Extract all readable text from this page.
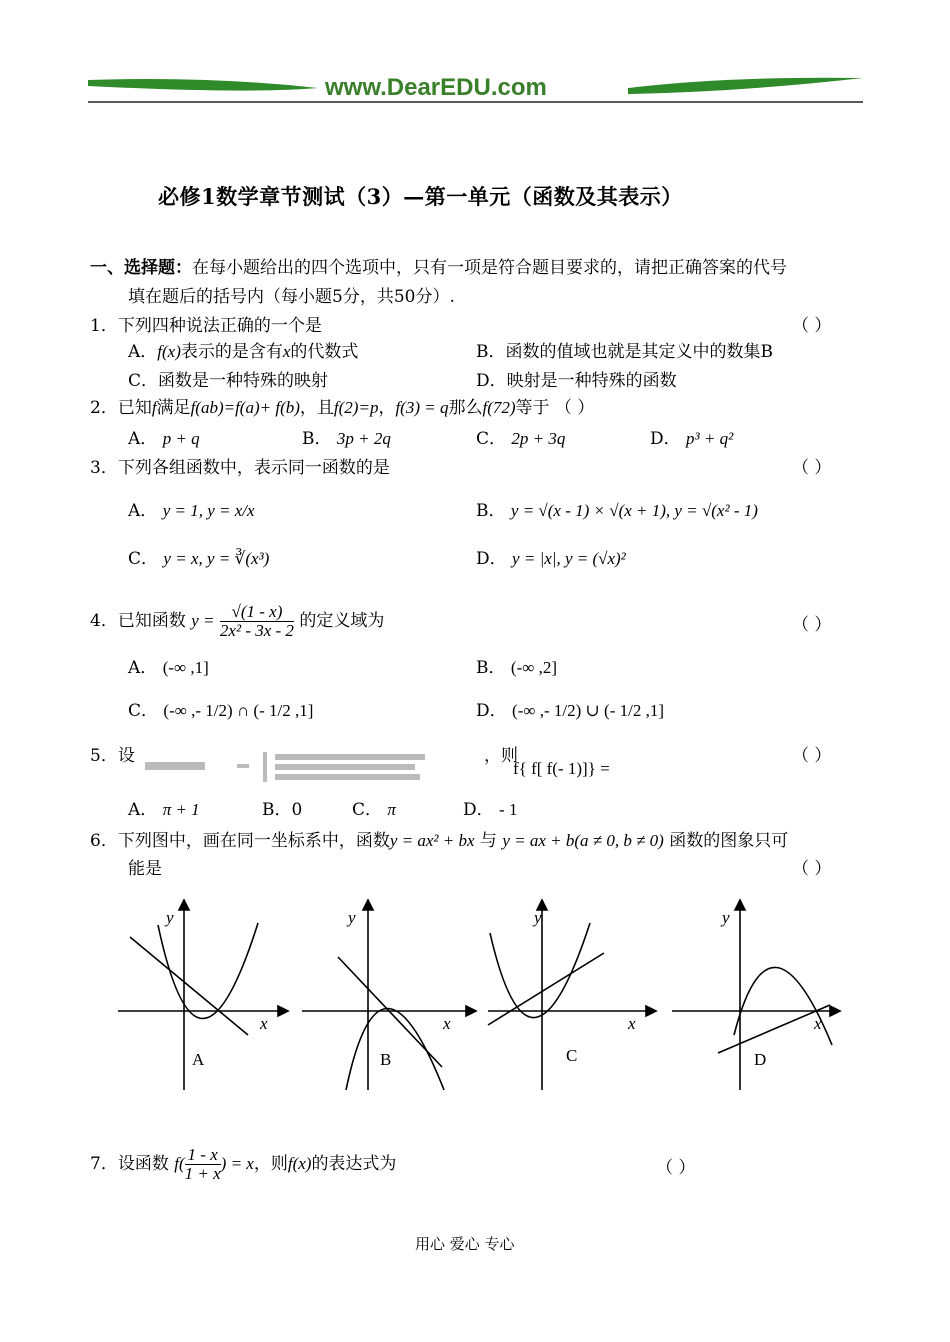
www.DearEDU.com
必修1数学章节测试（3）—第一单元（函数及其表示）
一、选择题：在每小题给出的四个选项中，只有一项是符合题目要求的，请把正确答案的代号
填在题后的括号内（每小题5分，共50分）.
1．下列四种说法正确的一个是	（ ）
A．f(x)表示的是含有x的代数式	B．函数的值域也就是其定义中的数集B
C．函数是一种特殊的映射	D．映射是一种特殊的函数
2．已知f满足f(ab)=f(a)+ f(b)，且f(2)=p，f(3) = q那么f(72)等于 （ ）
A． p + q	B． 3p + 2q	C． 2p + 3q	D． p³ + q²
3．下列各组函数中，表示同一函数的是	（ ）
A． y = 1, y = x/x	B． y = √(x - 1) × √(x + 1), y = √(x² - 1)
C． y = x, y = ∛(x³)	D． y = |x|, y = (√x)²
4．已知函数 $y = \frac{√(1 - x)}{\text{2x² - 3x - 2}}$ 的定义域为	（ ）
A． (-∞ ,1]	B． (-∞ ,2]
C． (-∞ ,- 1/2) ∩ (- 1/2 ,1]	D． (-∞ ,- 1/2) ∪ (- 1/2 ,1]
5．设	，则
f{ f[ f(- 1)]} =
（ ）
A． π + 1	B．0	C． π	D． - 1
6．下列图中，画在同一坐标系中，函数y = ax² + bx 与 y = ax + b(a ≠ 0, b ≠ 0) 函数的图象只可
能是	（ ）
y
x
y
x
y
x
y
x
A	B	C	D
7．设函数 $f( \frac{1 - x}{1 + x}$ ) = x，则f(x)的表达式为	（ ）
用心 爱心 专心
